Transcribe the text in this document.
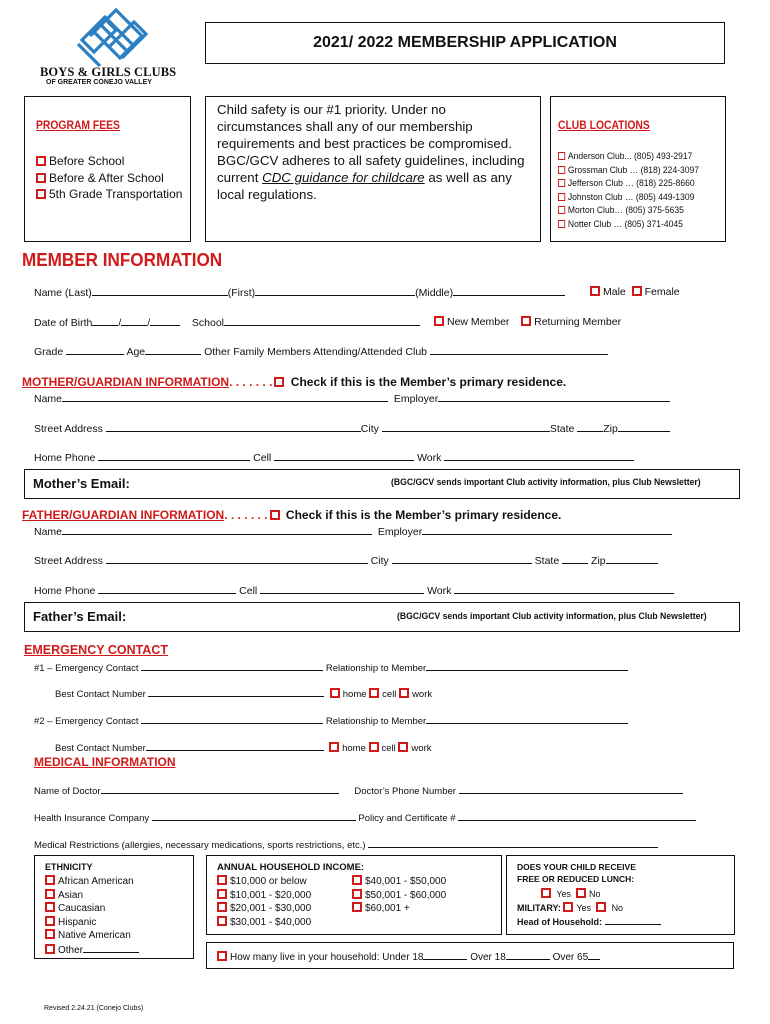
BOYS & GIRLS CLUBS
OF GREATER CONEJO VALLEY
2021/ 2022 MEMBERSHIP APPLICATION
PROGRAM FEES
Before School
Before & After School
5th Grade Transportation
Child safety is our #1 priority. Under no circumstances shall any of our membership requirements and best practices be compromised. BGC/GCV adheres to all safety guidelines, including current CDC guidance for childcare as well as any local regulations.
CLUB LOCATIONS
Anderson Club... (805) 493-2917
Grossman Club … (818) 224-3097
Jefferson Club … (818) 225-8660
Johnston Club … (805) 449-1309
Morton Club… (805) 375-5635
Notter Club … (805) 371-4045
MEMBER INFORMATION
Name (Last)	(First)	(Middle)	Male Female
Date of Birth / /	School	New Member Returning Member
Grade	Age	Other Family Members Attending/Attended Club
MOTHER/GUARDIAN INFORMATION. . . . . . . Check if this is the Member’s primary residence.
Name	Employer
Street Address	City	State	Zip
Home Phone	Cell	Work
Mother’s Email:	(BGC/GCV sends important Club activity information, plus Club Newsletter)
FATHER/GUARDIAN INFORMATION. . . . . . . Check if this is the Member’s primary residence.
Name	Employer
Street Address	City	State	Zip
Home Phone	Cell	Work
Father’s Email:	(BGC/GCV sends important Club activity information, plus Club Newsletter)
EMERGENCY CONTACT
#1 – Emergency Contact	Relationship to Member
Best Contact Number	home cell work
#2 – Emergency Contact	Relationship to Member
Best Contact Number	home cell work
MEDICAL INFORMATION
Name of Doctor	Doctor’s Phone Number
Health Insurance Company	Policy and Certificate #
Medical Restrictions (allergies, necessary medications, sports restrictions, etc.)
ETHNICITY
African American
Asian
Caucasian
Hispanic
Native American
Other
ANNUAL HOUSEHOLD INCOME:
$10,000 or below
$10,001 - $20,000
$20,001 - $30,000
$30,001 - $40,000
$40,001 - $50,000
$50,001 - $60,000
$60,001 +
DOES YOUR CHILD RECEIVE
FREE OR REDUCED LUNCH:
Yes No
MILITARY: Yes No
Head of Household:
How many live in your household: Under 18	Over 18	Over 65
Revised 2.24.21 (Conejo Clubs)
